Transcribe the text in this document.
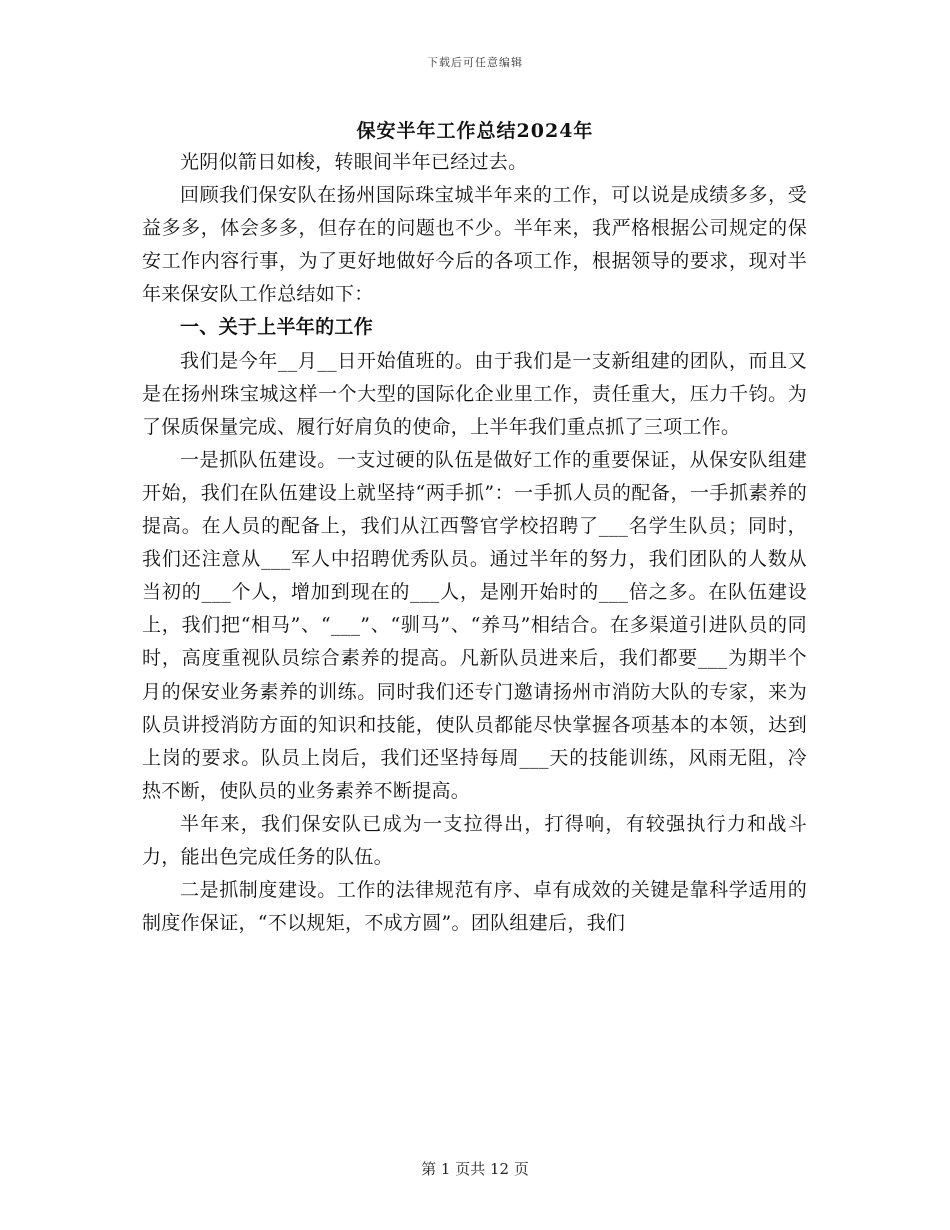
下载后可任意编辑
保安半年工作总结2024年

光阴似箭日如梭，转眼间半年已经过去。

回顾我们保安队在扬州国际珠宝城半年来的工作，可以说是成绩多多，受益多多，体会多多，但存在的问题也不少。半年来，我严格根据公司规定的保安工作内容行事，为了更好地做好今后的各项工作，根据领导的要求，现对半年来保安队工作总结如下：

一、关于上半年的工作

我们是今年__月__日开始值班的。由于我们是一支新组建的团队，而且又是在扬州珠宝城这样一个大型的国际化企业里工作，责任重大，压力千钧。为了保质保量完成、履行好肩负的使命，上半年我们重点抓了三项工作。

一是抓队伍建设。一支过硬的队伍是做好工作的重要保证，从保安队组建开始，我们在队伍建设上就坚持“两手抓”：一手抓人员的配备，一手抓素养的提高。在人员的配备上，我们从江西警官学校招聘了___名学生队员；同时，我们还注意从___军人中招聘优秀队员。通过半年的努力，我们团队的人数从当初的___个人，增加到现在的___人，是刚开始时的___倍之多。在队伍建设上，我们把“相马”、“___”、“驯马”、“养马”相结合。在多渠道引进队员的同时，高度重视队员综合素养的提高。凡新队员进来后，我们都要___为期半个月的保安业务素养的训练。同时我们还专门邀请扬州市消防大队的专家，来为队员讲授消防方面的知识和技能，使队员都能尽快掌握各项基本的本领，达到上岗的要求。队员上岗后，我们还坚持每周___天的技能训练，风雨无阻，冷热不断，使队员的业务素养不断提高。

半年来，我们保安队已成为一支拉得出，打得响，有较强执行力和战斗力，能出色完成任务的队伍。

二是抓制度建设。工作的法律规范有序、卓有成效的关键是靠科学适用的制度作保证，“不以规矩，不成方圆”。团队组建后，我们

第 1 页共 12 页
